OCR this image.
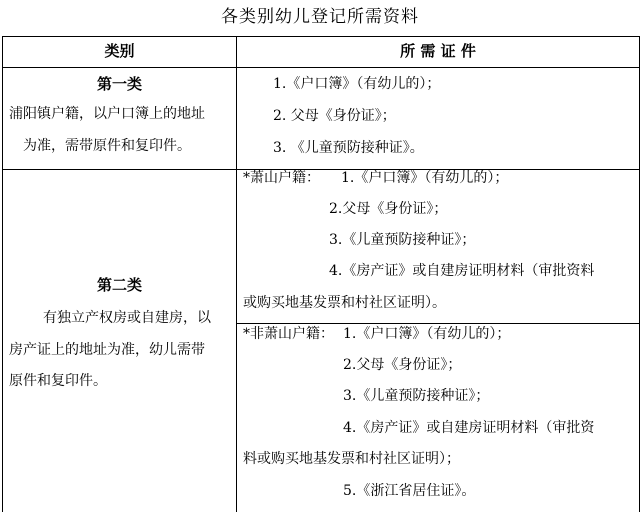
各类别幼儿登记所需资料
类别	所 需 证 件
第一类
浦阳镇户籍，以户口簿上的地址
为准，需带原件和复印件。
1.《户口簿》（有幼儿的）；
2. 父母《身份证》；
3. 《儿童预防接种证》。
第二类
有独立产权房或自建房，以
房产证上的地址为准，幼儿需带
原件和复印件。
*萧山户籍： 1.《户口簿》（有幼儿的）；
2.父母《身份证》；
3.《儿童预防接种证》；
4.《房产证》或自建房证明材料（审批资料
或购买地基发票和村社区证明）。
*非萧山户籍： 1.《户口簿》（有幼儿的）；
2.父母《身份证》；
3.《儿童预防接种证》；
4.《房产证》或自建房证明材料（审批资
料或购买地基发票和村社区证明）；
5.《浙江省居住证》。
